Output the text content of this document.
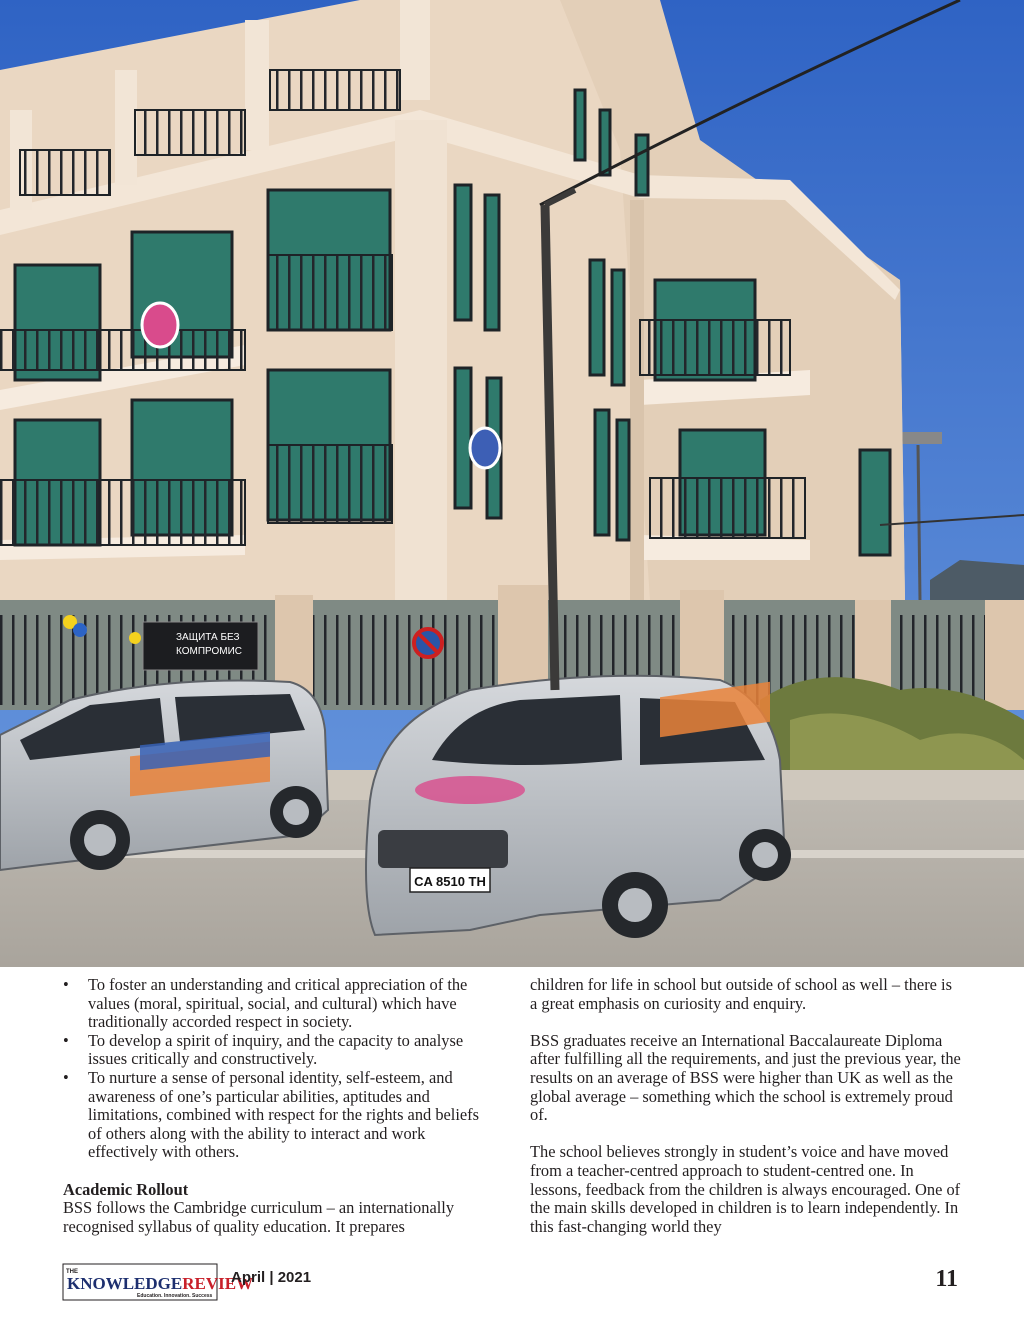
ЗАЩИТА БЕЗ
КОМПРОМИС
CA 8510 TH
• To foster an understanding and critical appreciation of the values (moral, spiritual, social, and cultural) which have traditionally accorded respect in society.
• To develop a spirit of inquiry, and the capacity to analyse issues critically and constructively.
• To nurture a sense of personal identity, self-esteem, and awareness of one’s particular abilities, aptitudes and limitations, combined with respect for the rights and beliefs of others along with the ability to interact and work effectively with others.
Academic Rollout

BSS follows the Cambridge curriculum – an internationally recognised syllabus of quality education. It prepares

children for life in school but outside of school as well – there is a great emphasis on curiosity and enquiry.

BSS graduates receive an International Baccalaureate Diploma after fulfilling all the requirements, and just the previous year, the results on an average of BSS were higher than UK as well as the global average – something which the school is extremely proud of.

The school believes strongly in student’s voice and have moved from a teacher-centred approach to student-centred one. In lessons, feedback from the children is always encouraged. One of the main skills developed in children is to learn independently. In this fast-changing world they

THE
KNOWLEDGEREVIEW
Education. Innovation. Success
April | 2021	11
